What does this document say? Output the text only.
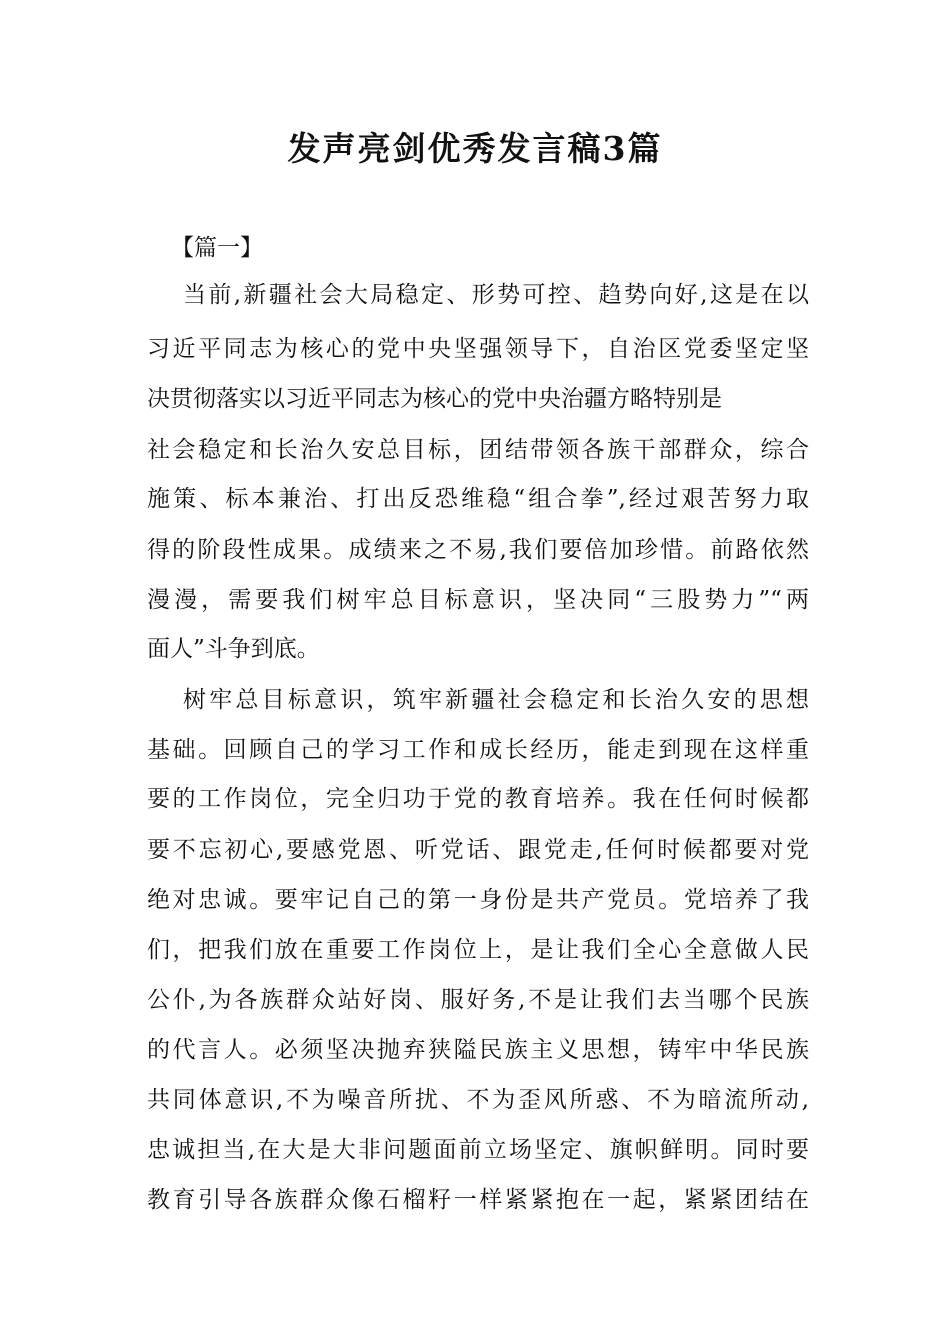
发声亮剑优秀发言稿3篇
【篇一】
当前,新疆社会大局稳定、形势可控、趋势向好,这是在以
习近平同志为核心的党中央坚强领导下，自治区党委坚定坚
决贯彻落实以习近平同志为核心的党中央治疆方略特别是
社会稳定和长治久安总目标，团结带领各族干部群众，综合
施策、标本兼治、打出反恐维稳“组合拳”,经过艰苦努力取
得的阶段性成果。成绩来之不易,我们要倍加珍惜。前路依然
漫漫，需要我们树牢总目标意识，坚决同“三股势力”“两
面人”斗争到底。
树牢总目标意识，筑牢新疆社会稳定和长治久安的思想
基础。回顾自己的学习工作和成长经历，能走到现在这样重
要的工作岗位，完全归功于党的教育培养。我在任何时候都
要不忘初心,要感党恩、听党话、跟党走,任何时候都要对党
绝对忠诚。要牢记自己的第一身份是共产党员。党培养了我
们，把我们放在重要工作岗位上，是让我们全心全意做人民
公仆,为各族群众站好岗、服好务,不是让我们去当哪个民族
的代言人。必须坚决抛弃狭隘民族主义思想，铸牢中华民族
共同体意识,不为噪音所扰、不为歪风所惑、不为暗流所动,
忠诚担当,在大是大非问题面前立场坚定、旗帜鲜明。同时要
教育引导各族群众像石榴籽一样紧紧抱在一起，紧紧团结在
